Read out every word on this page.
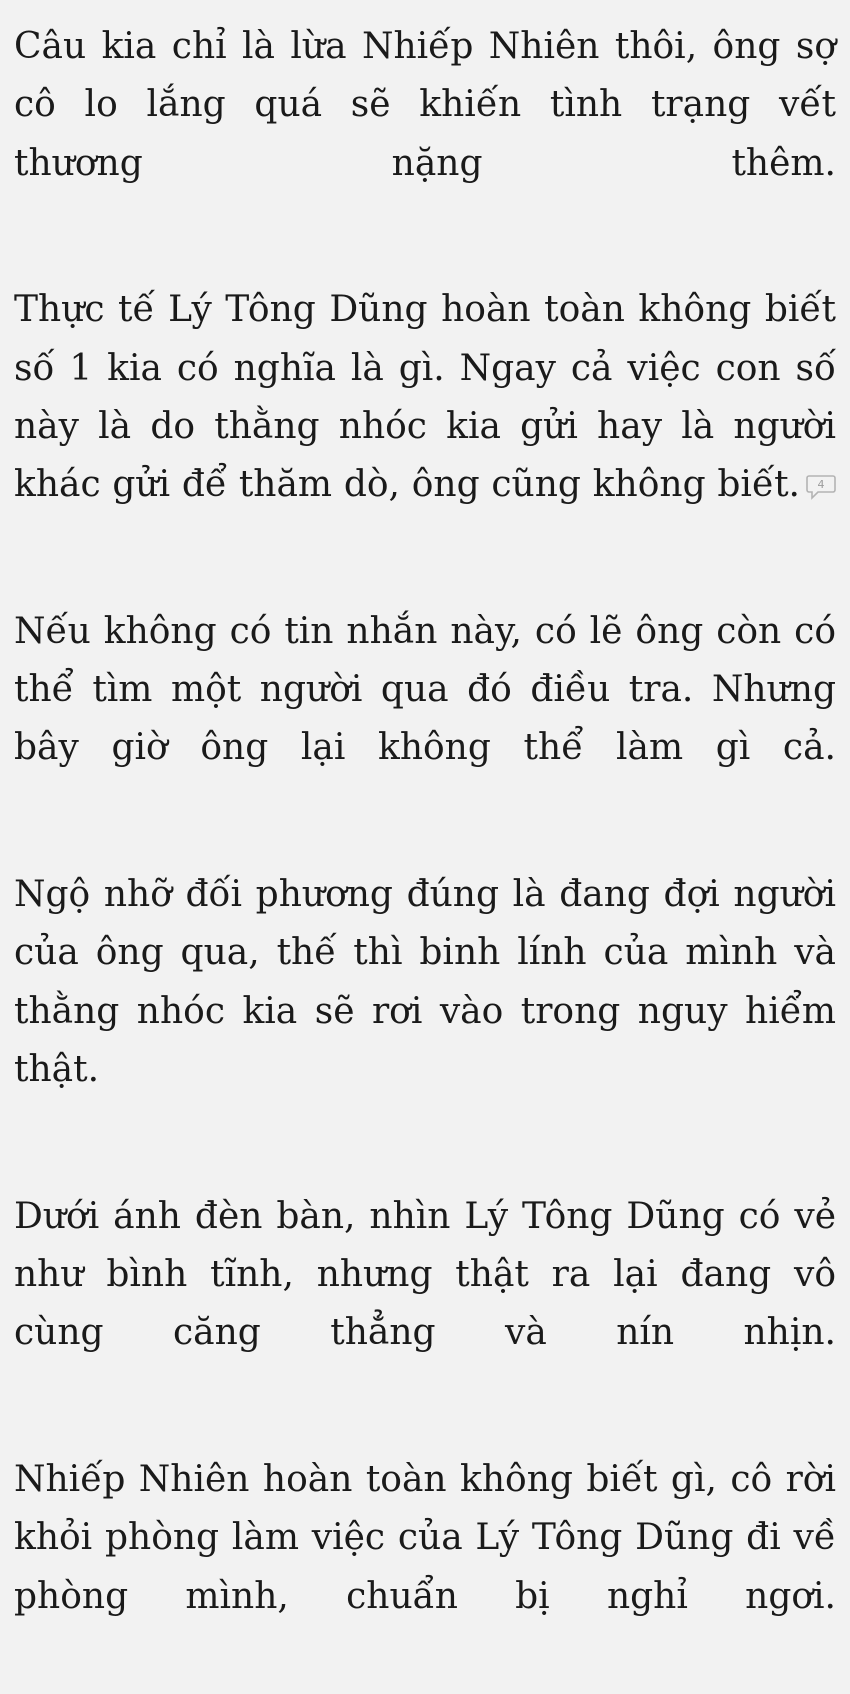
Câu kia chỉ là lừa Nhiếp Nhiên thôi, ông sợ cô lo lắng quá sẽ khiến tình trạng vết thương nặng thêm.

Thực tế Lý Tông Dũng hoàn toàn không biết số 1 kia có nghĩa là gì. Ngay cả việc con số này là do thằng nhóc kia gửi hay là người khác gửi để thăm dò, ông cũng không biết. 4

Nếu không có tin nhắn này, có lẽ ông còn có thể tìm một người qua đó điều tra. Nhưng bây giờ ông lại không thể làm gì cả.

Ngộ nhỡ đối phương đúng là đang đợi người của ông qua, thế thì binh lính của mình và thằng nhóc kia sẽ rơi vào trong nguy hiểm thật.

Dưới ánh đèn bàn, nhìn Lý Tông Dũng có vẻ như bình tĩnh, nhưng thật ra lại đang vô cùng căng thẳng và nín nhịn.

Nhiếp Nhiên hoàn toàn không biết gì, cô rời khỏi phòng làm việc của Lý Tông Dũng đi về phòng mình, chuẩn bị nghỉ ngơi.
